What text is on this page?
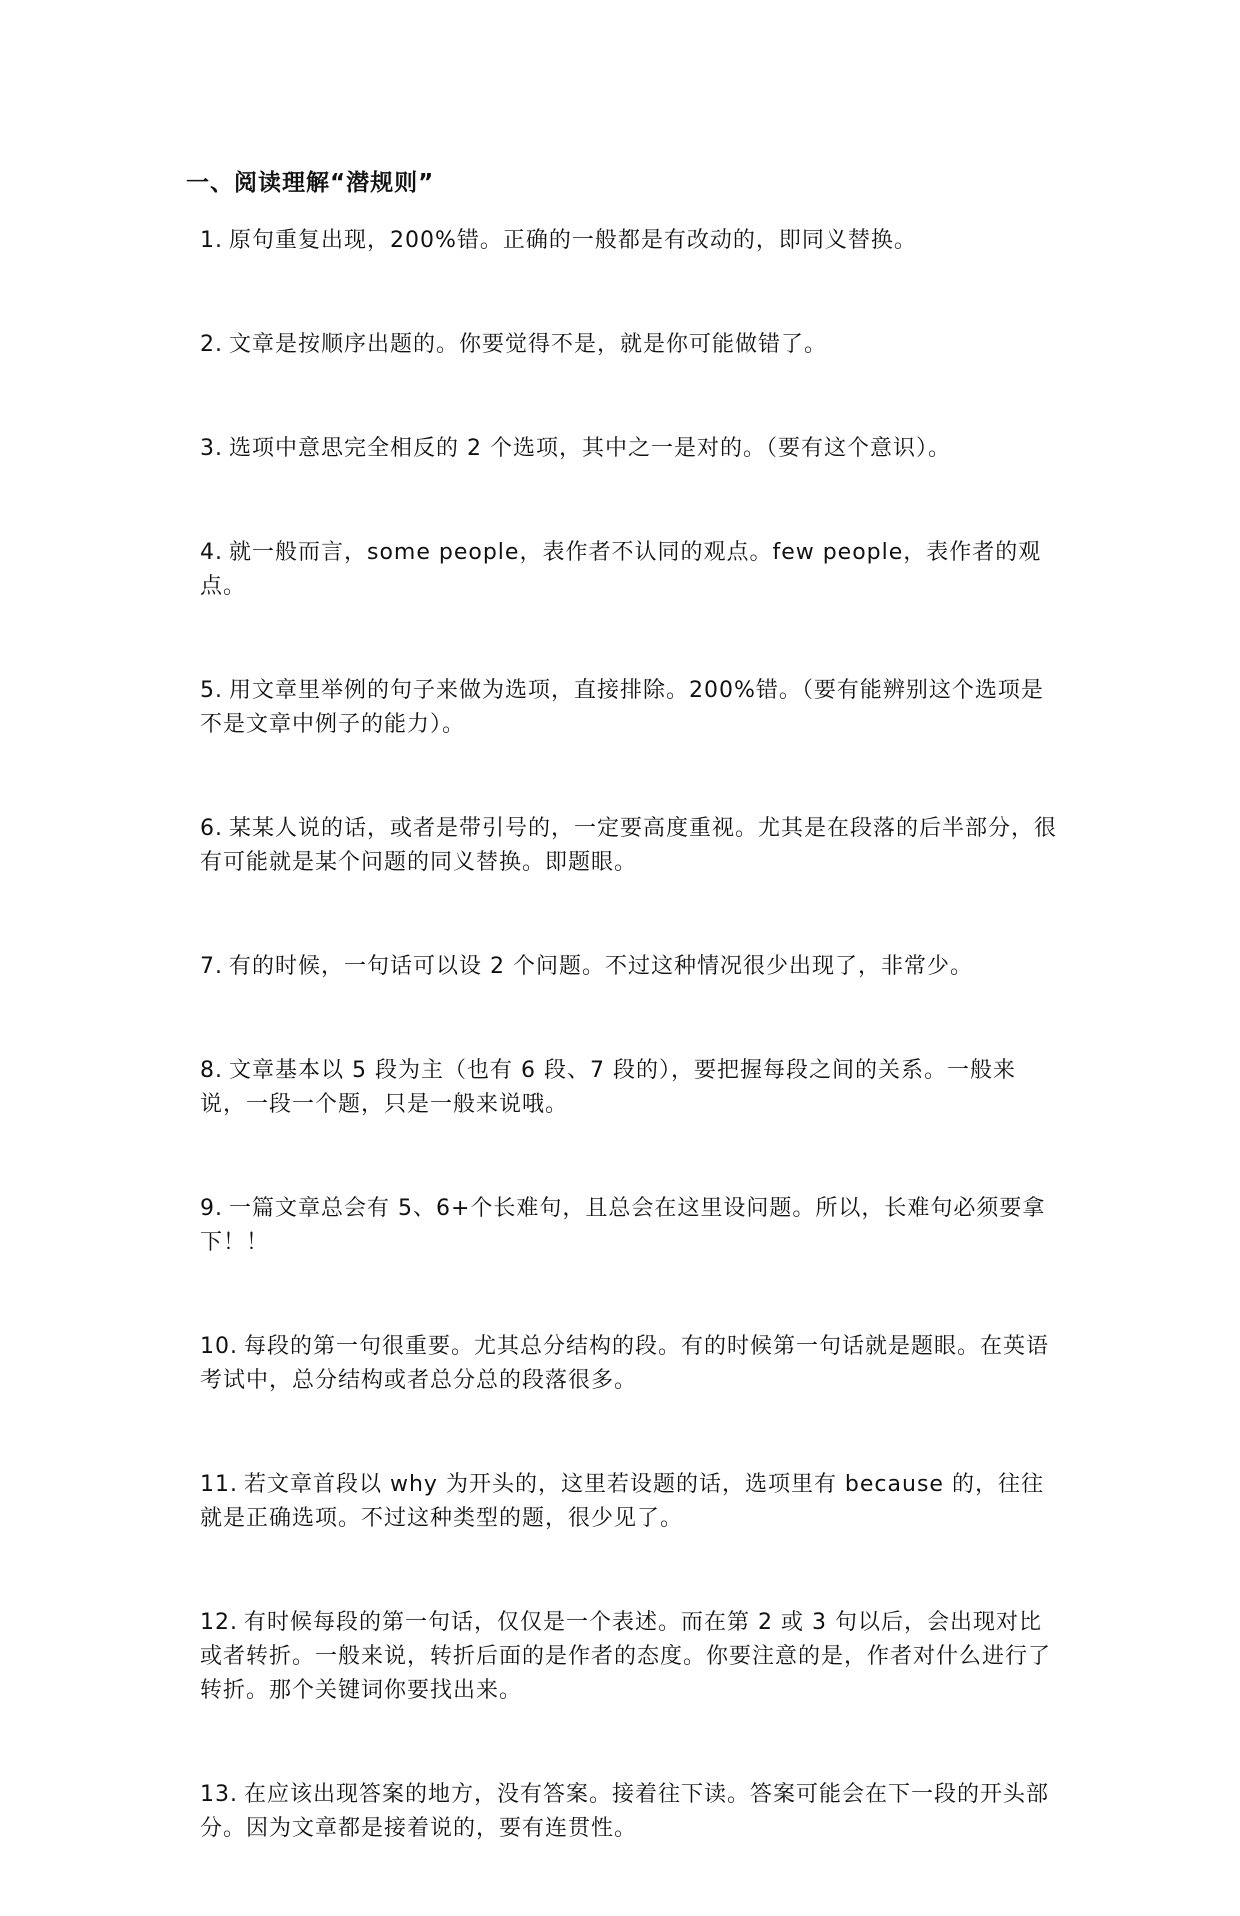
一、阅读理解“潜规则”

1. 原句重复出现，200%错。正确的一般都是有改动的，即同义替换。

2. 文章是按顺序出题的。你要觉得不是，就是你可能做错了。

3. 选项中意思完全相反的 2 个选项，其中之一是对的。（要有这个意识）。

4. 就一般而言，some people，表作者不认同的观点。few people，表作者的观点。

5. 用文章里举例的句子来做为选项，直接排除。200%错。（要有能辨别这个选项是不是文章中例子的能力）。

6. 某某人说的话，或者是带引号的，一定要高度重视。尤其是在段落的后半部分，很有可能就是某个问题的同义替换。即题眼。

7. 有的时候，一句话可以设 2 个问题。不过这种情况很少出现了，非常少。

8. 文章基本以 5 段为主（也有 6 段、7 段的），要把握每段之间的关系。一般来说，一段一个题，只是一般来说哦。

9. 一篇文章总会有 5、6+个长难句，且总会在这里设问题。所以，长难句必须要拿下！！

10. 每段的第一句很重要。尤其总分结构的段。有的时候第一句话就是题眼。在英语考试中，总分结构或者总分总的段落很多。

11. 若文章首段以 why 为开头的，这里若设题的话，选项里有 because 的，往往就是正确选项。不过这种类型的题，很少见了。

12. 有时候每段的第一句话，仅仅是一个表述。而在第 2 或 3 句以后，会出现对比或者转折。一般来说，转折后面的是作者的态度。你要注意的是，作者对什么进行了转折。那个关键词你要找出来。

13. 在应该出现答案的地方，没有答案。接着往下读。答案可能会在下一段的开头部分。因为文章都是接着说的，要有连贯性。
